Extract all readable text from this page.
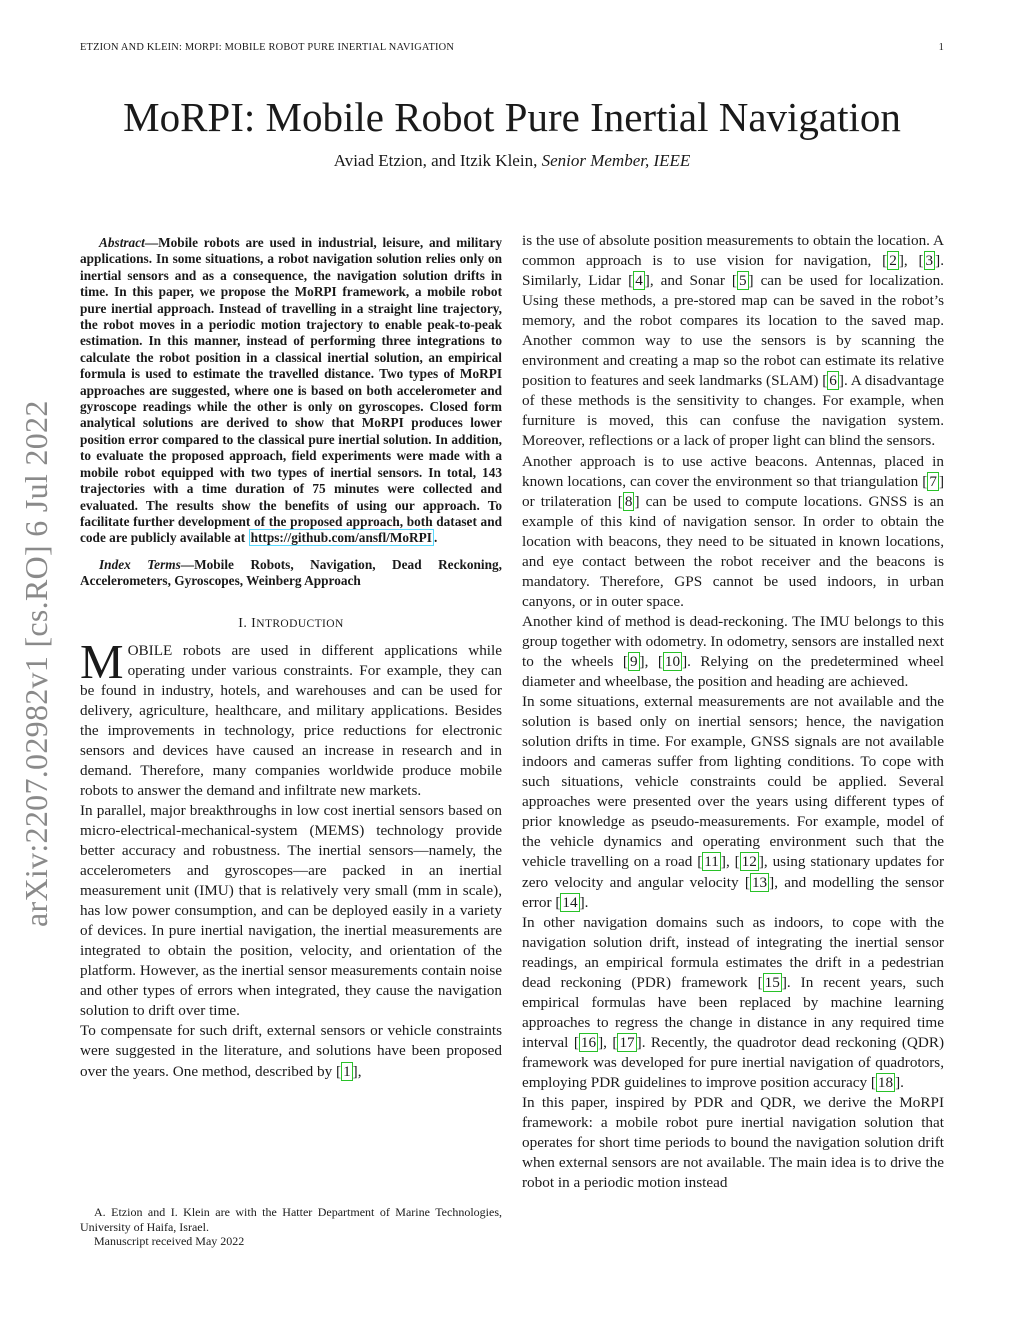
ETZION AND KLEIN: MORPI: MOBILE ROBOT PURE INERTIAL NAVIGATION	1
MoRPI: Mobile Robot Pure Inertial Navigation
Aviad Etzion, and Itzik Klein, Senior Member, IEEE
arXiv:2207.02982v1 [cs.RO] 6 Jul 2022

Abstract—Mobile robots are used in industrial, leisure, and military applications. In some situations, a robot navigation solution relies only on inertial sensors and as a consequence, the navigation solution drifts in time. In this paper, we propose the MoRPI framework, a mobile robot pure inertial approach. Instead of travelling in a straight line trajectory, the robot moves in a periodic motion trajectory to enable peak-to-peak estimation. In this manner, instead of performing three integrations to calculate the robot position in a classical inertial solution, an empirical formula is used to estimate the travelled distance. Two types of MoRPI approaches are suggested, where one is based on both accelerometer and gyroscope readings while the other is only on gyroscopes. Closed form analytical solutions are derived to show that MoRPI produces lower position error compared to the classical pure inertial solution. In addition, to evaluate the proposed approach, field experiments were made with a mobile robot equipped with two types of inertial sensors. In total, 143 trajectories with a time duration of 75 minutes were collected and evaluated. The results show the benefits of using our approach. To facilitate further development of the proposed approach, both dataset and code are publicly available at https://github.com/ansfl/MoRPI .

Index Terms—Mobile Robots, Navigation, Dead Reckoning, Accelerometers, Gyroscopes, Weinberg Approach

I. INTRODUCTION

MOBILE robots are used in different applications while operating under various constraints. For example, they can be found in industry, hotels, and warehouses and can be used for delivery, agriculture, healthcare, and military applications. Besides the improvements in technology, price reductions for electronic sensors and devices have caused an increase in research and in demand. Therefore, many companies worldwide produce mobile robots to answer the demand and infiltrate new markets.

In parallel, major breakthroughs in low cost inertial sensors based on micro-electrical-mechanical-system (MEMS) technology provide better accuracy and robustness. The inertial sensors—namely, the accelerometers and gyroscopes—are packed in an inertial measurement unit (IMU) that is relatively very small (mm in scale), has low power consumption, and can be deployed easily in a variety of devices. In pure inertial navigation, the inertial measurements are integrated to obtain the position, velocity, and orientation of the platform. However, as the inertial sensor measurements contain noise and other types of errors when integrated, they cause the navigation solution to drift over time.

To compensate for such drift, external sensors or vehicle constraints were suggested in the literature, and solutions have been proposed over the years. One method, described by [ 1 ],

A. Etzion and I. Klein are with the Hatter Department of Marine Technologies, University of Haifa, Israel.

Manuscript received May 2022

is the use of absolute position measurements to obtain the location. A common approach is to use vision for navigation, [ 2 ], [ 3 ]. Similarly, Lidar [ 4 ], and Sonar [ 5 ] can be used for localization. Using these methods, a pre-stored map can be saved in the robot’s memory, and the robot compares its location to the saved map. Another common way to use the sensors is by scanning the environment and creating a map so the robot can estimate its relative position to features and seek landmarks (SLAM) [ 6 ]. A disadvantage of these methods is the sensitivity to changes. For example, when furniture is moved, this can confuse the navigation system. Moreover, reflections or a lack of proper light can blind the sensors.

Another approach is to use active beacons. Antennas, placed in known locations, can cover the environment so that triangulation [ 7 ] or trilateration [ 8 ] can be used to compute locations. GNSS is an example of this kind of navigation sensor. In order to obtain the location with beacons, they need to be situated in known locations, and eye contact between the robot receiver and the beacons is mandatory. Therefore, GPS cannot be used indoors, in urban canyons, or in outer space.

Another kind of method is dead-reckoning. The IMU belongs to this group together with odometry. In odometry, sensors are installed next to the wheels [ 9 ], [ 10 ]. Relying on the predetermined wheel diameter and wheelbase, the position and heading are achieved.

In some situations, external measurements are not available and the solution is based only on inertial sensors; hence, the navigation solution drifts in time. For example, GNSS signals are not available indoors and cameras suffer from lighting conditions. To cope with such situations, vehicle constraints could be applied. Several approaches were presented over the years using different types of prior knowledge as pseudo-measurements. For example, model of the vehicle dynamics and operating environment such that the vehicle travelling on a road [ 11 ], [ 12 ], using stationary updates for zero velocity and angular velocity [ 13 ], and modelling the sensor error [ 14 ].

In other navigation domains such as indoors, to cope with the navigation solution drift, instead of integrating the inertial sensor readings, an empirical formula estimates the drift in a pedestrian dead reckoning (PDR) framework [ 15 ]. In recent years, such empirical formulas have been replaced by machine learning approaches to regress the change in distance in any required time interval [ 16 ], [ 17 ]. Recently, the quadrotor dead reckoning (QDR) framework was developed for pure inertial navigation of quadrotors, employing PDR guidelines to improve position accuracy [ 18 ].

In this paper, inspired by PDR and QDR, we derive the MoRPI framework: a mobile robot pure inertial navigation solution that operates for short time periods to bound the navigation solution drift when external sensors are not available. The main idea is to drive the robot in a periodic motion instead
